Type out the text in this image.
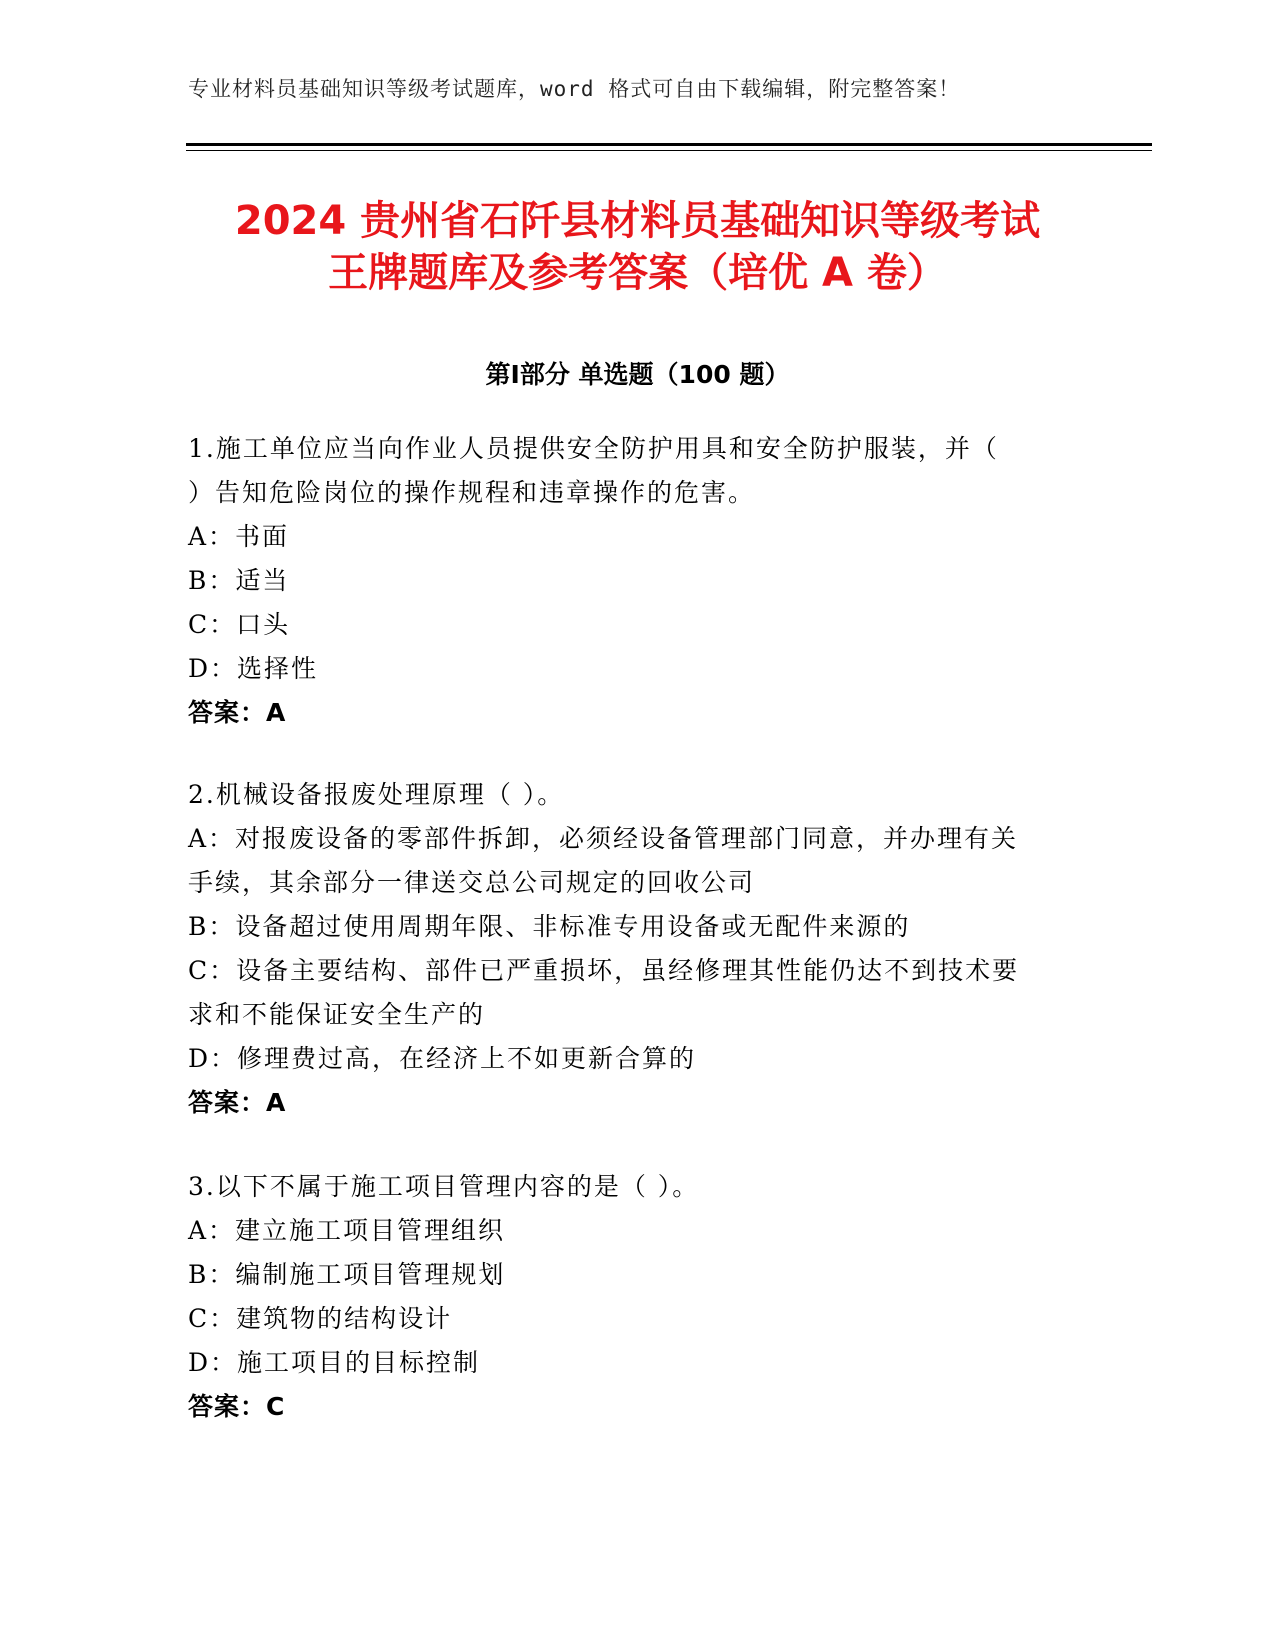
专业材料员基础知识等级考试题库，word 格式可自由下载编辑，附完整答案！
2024 贵州省石阡县材料员基础知识等级考试
王牌题库及参考答案（培优 A 卷）
第Ⅰ部分 单选题（100 题）
1.施工单位应当向作业人员提供安全防护用具和安全防护服装，并（
）告知危险岗位的操作规程和违章操作的危害。
A：书面
B：适当
C：口头
D：选择性
答案：A
2.机械设备报废处理原理（ ）。
A：对报废设备的零部件拆卸，必须经设备管理部门同意，并办理有关
手续，其余部分一律送交总公司规定的回收公司
B：设备超过使用周期年限、非标准专用设备或无配件来源的
C：设备主要结构、部件已严重损坏，虽经修理其性能仍达不到技术要
求和不能保证安全生产的
D：修理费过高，在经济上不如更新合算的
答案：A
3.以下不属于施工项目管理内容的是（ ）。
A：建立施工项目管理组织
B：编制施工项目管理规划
C：建筑物的结构设计
D：施工项目的目标控制
答案：C
